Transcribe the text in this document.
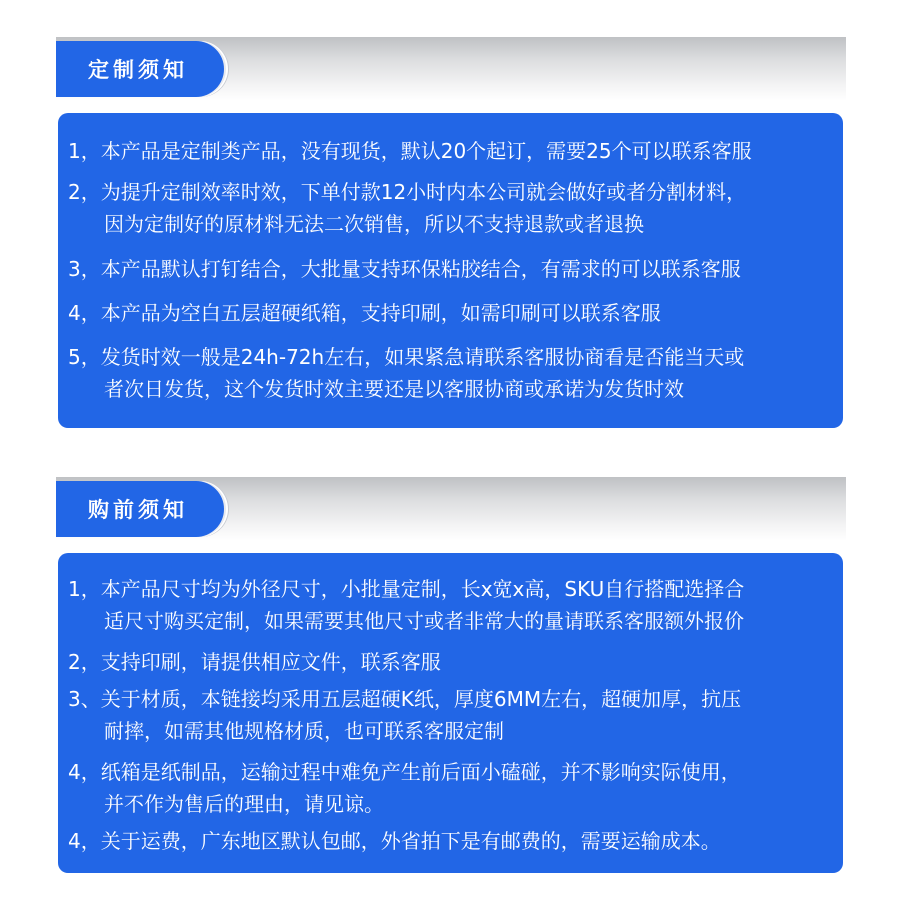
定制须知
1，本产品是定制类产品，没有现货，默认20个起订，需要25个可以联系客服
2，为提升定制效率时效，下单付款12小时内本公司就会做好或者分割材料，
因为定制好的原材料无法二次销售，所以不支持退款或者退换
3，本产品默认打钉结合，大批量支持环保粘胶结合，有需求的可以联系客服
4，本产品为空白五层超硬纸箱，支持印刷，如需印刷可以联系客服
5，发货时效一般是24h-72h左右，如果紧急请联系客服协商看是否能当天或
者次日发货，这个发货时效主要还是以客服协商或承诺为发货时效
购前须知
1，本产品尺寸均为外径尺寸，小批量定制，长x宽x高，SKU自行搭配选择合
适尺寸购买定制，如果需要其他尺寸或者非常大的量请联系客服额外报价
2，支持印刷，请提供相应文件，联系客服
3、关于材质，本链接均采用五层超硬K纸，厚度6MM左右，超硬加厚，抗压
耐摔，如需其他规格材质，也可联系客服定制
4，纸箱是纸制品，运输过程中难免产生前后面小磕碰，并不影响实际使用，
并不作为售后的理由，请见谅。
4，关于运费，广东地区默认包邮，外省拍下是有邮费的，需要运输成本。
